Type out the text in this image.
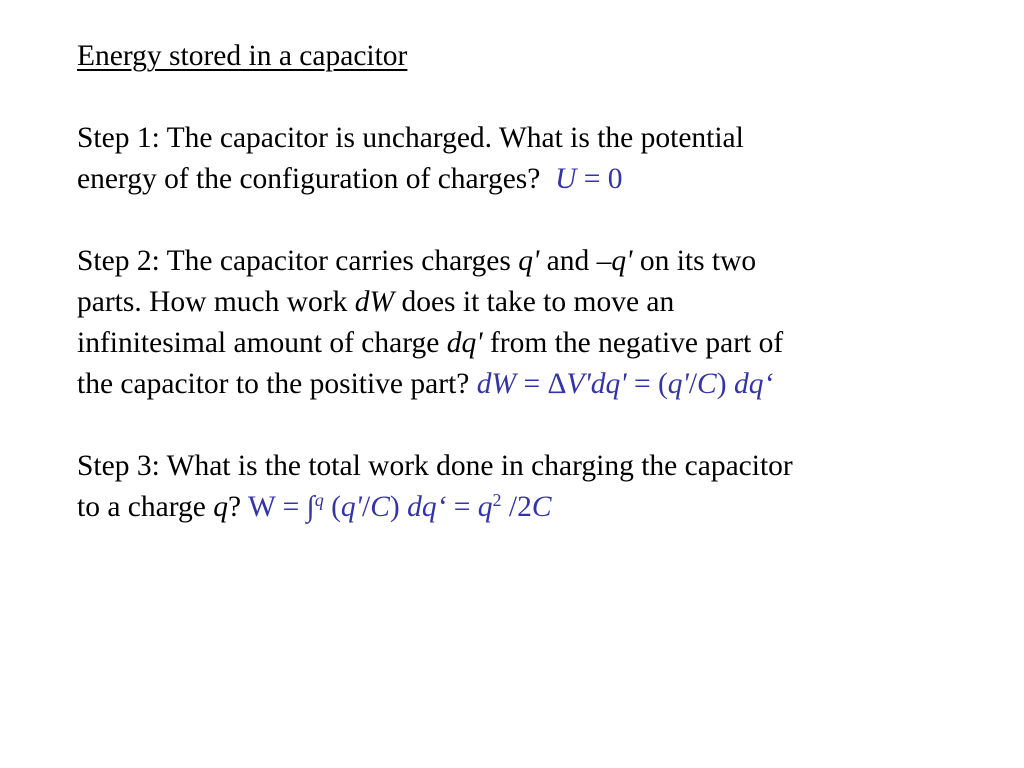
Energy stored in a capacitor

Step 1: The capacitor is uncharged. What is the potential
energy of the configuration of charges? U = 0

Step 2: The capacitor carries charges q' and –q' on its two
parts. How much work dW does it take to move an
infinitesimal amount of charge dq' from the negative part of
the capacitor to the positive part? dW = ΔV'dq' = (q'/C) dq‘

Step 3: What is the total work done in charging the capacitor
to a charge q? W = ∫$^q$ (q'/C) dq‘ = $q^2$ /2C
